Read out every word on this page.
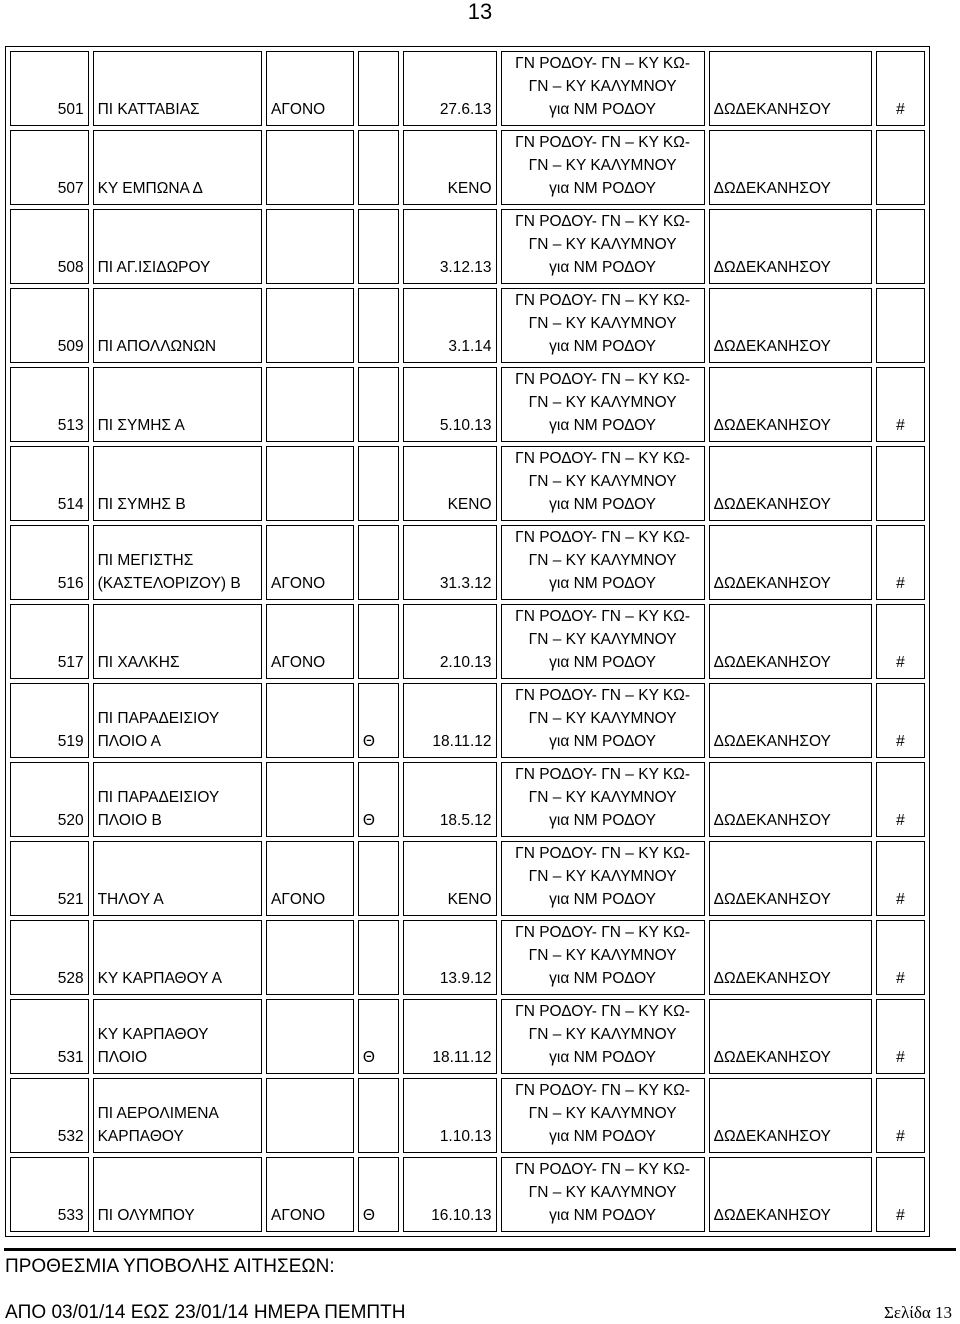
13
501	ΠΙ ΚΑΤΤΑΒΙΑΣ	ΑΓΟΝΟ		27.6.13	ΓΝ ΡΟΔΟΥ- ΓΝ – ΚΥ ΚΩ-
ΓΝ – ΚΥ ΚΑΛΥΜΝΟΥ
για ΝΜ ΡΟΔΟΥ	ΔΩΔΕΚΑΝΗΣΟΥ	#
507	ΚΥ ΕΜΠΩΝΑ Δ			ΚΕΝΟ	ΓΝ ΡΟΔΟΥ- ΓΝ – ΚΥ ΚΩ-
ΓΝ – ΚΥ ΚΑΛΥΜΝΟΥ
για ΝΜ ΡΟΔΟΥ	ΔΩΔΕΚΑΝΗΣΟΥ	
508	ΠΙ ΑΓ.ΙΣΙΔΩΡΟΥ			3.12.13	ΓΝ ΡΟΔΟΥ- ΓΝ – ΚΥ ΚΩ-
ΓΝ – ΚΥ ΚΑΛΥΜΝΟΥ
για ΝΜ ΡΟΔΟΥ	ΔΩΔΕΚΑΝΗΣΟΥ	
509	ΠΙ ΑΠΟΛΛΩΝΩΝ			3.1.14	ΓΝ ΡΟΔΟΥ- ΓΝ – ΚΥ ΚΩ-
ΓΝ – ΚΥ ΚΑΛΥΜΝΟΥ
για ΝΜ ΡΟΔΟΥ	ΔΩΔΕΚΑΝΗΣΟΥ	
513	ΠΙ ΣΥΜΗΣ Α			5.10.13	ΓΝ ΡΟΔΟΥ- ΓΝ – ΚΥ ΚΩ-
ΓΝ – ΚΥ ΚΑΛΥΜΝΟΥ
για ΝΜ ΡΟΔΟΥ	ΔΩΔΕΚΑΝΗΣΟΥ	#
514	ΠΙ ΣΥΜΗΣ Β			ΚΕΝΟ	ΓΝ ΡΟΔΟΥ- ΓΝ – ΚΥ ΚΩ-
ΓΝ – ΚΥ ΚΑΛΥΜΝΟΥ
για ΝΜ ΡΟΔΟΥ	ΔΩΔΕΚΑΝΗΣΟΥ	
516	ΠΙ ΜΕΓΙΣΤΗΣ
(ΚΑΣΤΕΛΟΡΙΖΟΥ) Β	ΑΓΟΝΟ		31.3.12	ΓΝ ΡΟΔΟΥ- ΓΝ – ΚΥ ΚΩ-
ΓΝ – ΚΥ ΚΑΛΥΜΝΟΥ
για ΝΜ ΡΟΔΟΥ	ΔΩΔΕΚΑΝΗΣΟΥ	#
517	ΠΙ ΧΑΛΚΗΣ	ΑΓΟΝΟ		2.10.13	ΓΝ ΡΟΔΟΥ- ΓΝ – ΚΥ ΚΩ-
ΓΝ – ΚΥ ΚΑΛΥΜΝΟΥ
για ΝΜ ΡΟΔΟΥ	ΔΩΔΕΚΑΝΗΣΟΥ	#
519	ΠΙ ΠΑΡΑΔΕΙΣΙΟΥ
ΠΛΟΙΟ Α		Θ	18.11.12	ΓΝ ΡΟΔΟΥ- ΓΝ – ΚΥ ΚΩ-
ΓΝ – ΚΥ ΚΑΛΥΜΝΟΥ
για ΝΜ ΡΟΔΟΥ	ΔΩΔΕΚΑΝΗΣΟΥ	#
520	ΠΙ ΠΑΡΑΔΕΙΣΙΟΥ
ΠΛΟΙΟ Β		Θ	18.5.12	ΓΝ ΡΟΔΟΥ- ΓΝ – ΚΥ ΚΩ-
ΓΝ – ΚΥ ΚΑΛΥΜΝΟΥ
για ΝΜ ΡΟΔΟΥ	ΔΩΔΕΚΑΝΗΣΟΥ	#
521	ΤΗΛΟΥ Α	ΑΓΟΝΟ		ΚΕΝΟ	ΓΝ ΡΟΔΟΥ- ΓΝ – ΚΥ ΚΩ-
ΓΝ – ΚΥ ΚΑΛΥΜΝΟΥ
για ΝΜ ΡΟΔΟΥ	ΔΩΔΕΚΑΝΗΣΟΥ	#
528	ΚΥ ΚΑΡΠΑΘΟΥ Α			13.9.12	ΓΝ ΡΟΔΟΥ- ΓΝ – ΚΥ ΚΩ-
ΓΝ – ΚΥ ΚΑΛΥΜΝΟΥ
για ΝΜ ΡΟΔΟΥ	ΔΩΔΕΚΑΝΗΣΟΥ	#
531	ΚΥ ΚΑΡΠΑΘΟΥ
ΠΛΟΙΟ		Θ	18.11.12	ΓΝ ΡΟΔΟΥ- ΓΝ – ΚΥ ΚΩ-
ΓΝ – ΚΥ ΚΑΛΥΜΝΟΥ
για ΝΜ ΡΟΔΟΥ	ΔΩΔΕΚΑΝΗΣΟΥ	#
532	ΠΙ ΑΕΡΟΛΙΜΕΝΑ
ΚΑΡΠΑΘΟΥ			1.10.13	ΓΝ ΡΟΔΟΥ- ΓΝ – ΚΥ ΚΩ-
ΓΝ – ΚΥ ΚΑΛΥΜΝΟΥ
για ΝΜ ΡΟΔΟΥ	ΔΩΔΕΚΑΝΗΣΟΥ	#
533	ΠΙ ΟΛΥΜΠΟΥ	ΑΓΟΝΟ	Θ	16.10.13	ΓΝ ΡΟΔΟΥ- ΓΝ – ΚΥ ΚΩ-
ΓΝ – ΚΥ ΚΑΛΥΜΝΟΥ
για ΝΜ ΡΟΔΟΥ	ΔΩΔΕΚΑΝΗΣΟΥ	#
ΠΡΟΘΕΣΜΙΑ ΥΠΟΒΟΛΗΣ ΑΙΤΗΣΕΩΝ:
ΑΠΟ 03/01/14 ΕΩΣ 23/01/14 ΗΜΕΡΑ ΠΕΜΠΤΗ	Σελίδα 13
